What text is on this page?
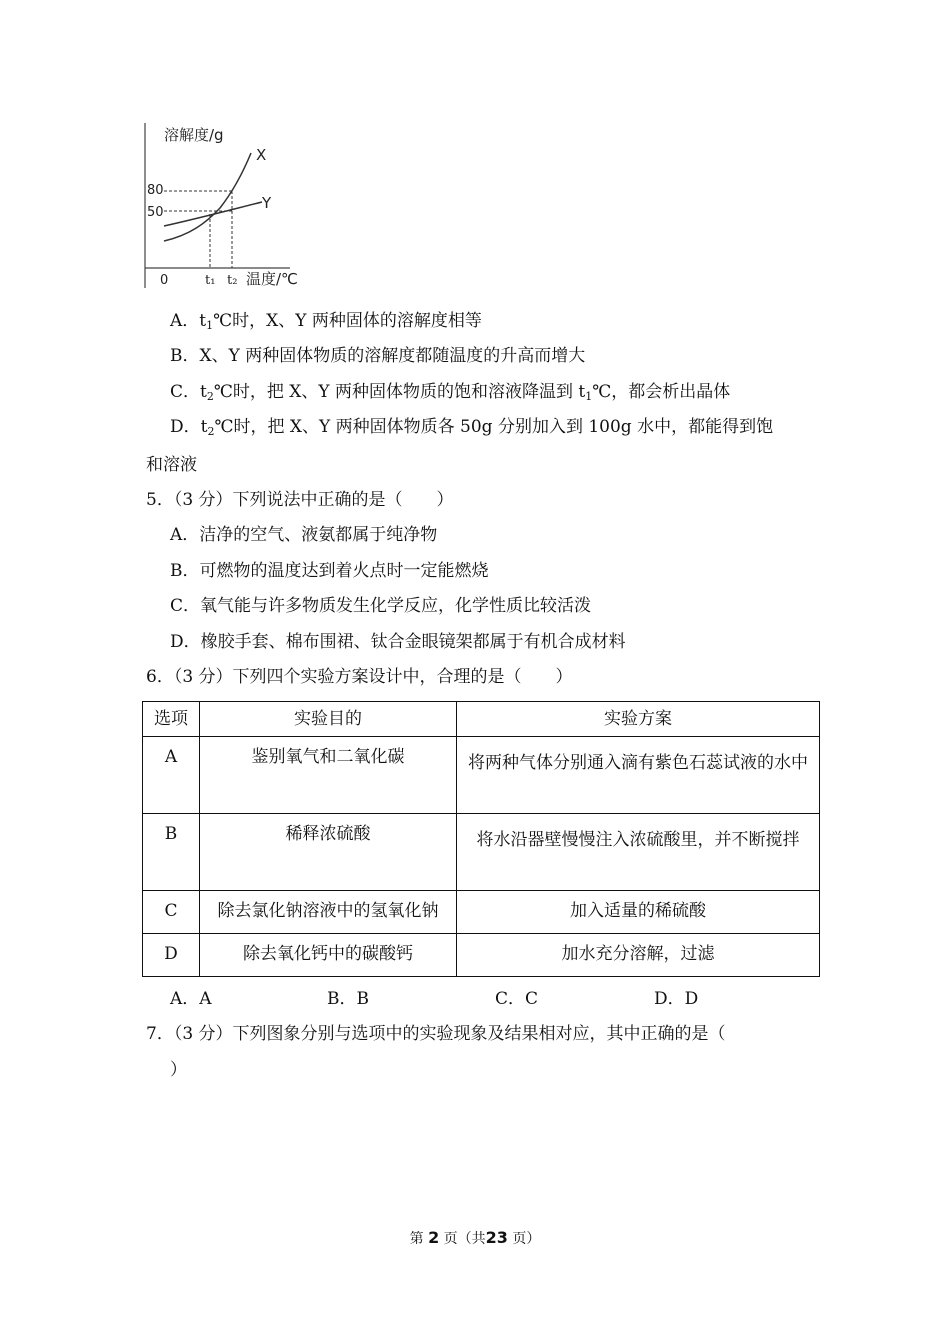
溶解度/g
X
Y
80
50
0	t₁ t₂ 温度/℃
A．$t_1℃$时，X、Y 两种固体的溶解度相等
B．X、Y 两种固体物质的溶解度都随温度的升高而增大
C．$t_2℃$时，把 X、Y 两种固体物质的饱和溶液降温到 $t_1℃$，都会析出晶体
D．$t_2℃$时，把 X、Y 两种固体物质各 50g 分别加入到 100g 水中，都能得到饱
和溶液
5．（3 分）下列说法中正确的是（　　）
A．洁净的空气、液氨都属于纯净物
B．可燃物的温度达到着火点时一定能燃烧
C．氧气能与许多物质发生化学反应，化学性质比较活泼
D．橡胶手套、棉布围裙、钛合金眼镜架都属于有机合成材料
6．（3 分）下列四个实验方案设计中，合理的是（　　）
选项	实验目的	实验方案
A	鉴别氧气和二氧化碳	将两种气体分别通入滴有紫色石蕊试液的水中
B	稀释浓硫酸	将水沿器壁慢慢注入浓硫酸里，并不断搅拌
C	除去氯化钠溶液中的氢氧化钠	加入适量的稀硫酸
D	除去氧化钙中的碳酸钙	加水充分溶解，过滤
A．A	B．B	C．C	D．D
7．（3 分）下列图象分别与选项中的实验现象及结果相对应，其中正确的是（
）
第 2 页（共23 页）
